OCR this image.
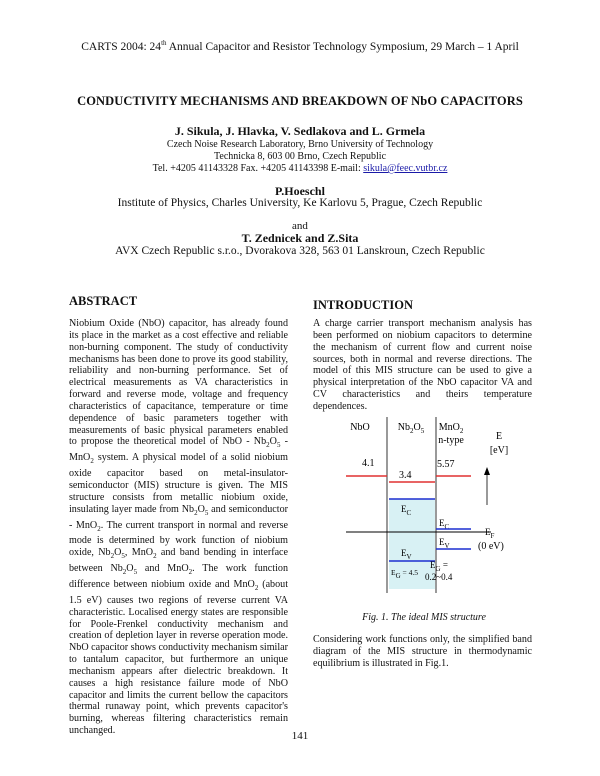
CARTS 2004: 24th Annual Capacitor and Resistor Technology Symposium, 29 March – 1 April
CONDUCTIVITY MECHANISMS AND BREAKDOWN OF NbO CAPACITORS
J. Sikula, J. Hlavka, V. Sedlakova and L. Grmela
Czech Noise Research Laboratory, Brno University of Technology
Technicka 8, 603 00 Brno, Czech Republic
Tel. +4205 41143328 Fax. +4205 41143398 E-mail: sikula@feec.vutbr.cz
P.Hoeschl
Institute of Physics, Charles University, Ke Karlovu 5, Prague, Czech Republic
and
T. Zednicek and Z.Sita
AVX Czech Republic s.r.o., Dvorakova 328, 563 01 Lanskroun, Czech Republic
ABSTRACT
Niobium Oxide (NbO) capacitor, has already found its place in the market as a cost effective and reliable non-burning component. The study of conductivity mechanisms has been done to prove its good stability, reliability and non-burning performance. Set of electrical measurements as VA characteristics in forward and reverse mode, voltage and frequency characteristics of capacitance, temperature or time dependence of basic parameters together with measurements of basic physical parameters enabled to propose the theoretical model of NbO - $Nb_2O_5 - MnO_2$ system. A physical model of a solid niobium oxide capacitor based on metal-insulator-semiconductor (MIS) structure is given. The MIS structure consists from metallic niobium oxide, insulating layer made from $Nb_2O_5$ and semiconductor - MnO$_2$. The current transport in normal and reverse mode is determined by work function of niobium oxide, $Nb_2O_5$, MnO$_2$ and band bending in interface between $Nb_2O_5$ and MnO$_2$. The work function difference between niobium oxide and MnO$_2$ (about 1.5 eV) causes two regions of reverse current VA characteristic. Localised energy states are responsible for Poole-Frenkel conductivity mechanism and creation of depletion layer in reverse operation mode. NbO capacitor shows conductivity mechanism similar to tantalum capacitor, but furthermore an unique mechanism appears after dielectric breakdown. It causes a high resistance failure mode of NbO capacitor and limits the current bellow the capacitors thermal runaway point, which prevents capacitor's burning, whereas filtering characteristics remain unchanged.
INTRODUCTION
A charge carrier transport mechanism analysis has been performed on niobium capacitors to determine the mechanism of current flow and current noise sources, both in normal and reverse directions. The model of this MIS structure can be used to give a physical interpretation of the NbO capacitor VA and CV characteristics and theirs temperature dependences.
NbO	$Nb_2O_5$ MnO$_2$
n-type	E
[eV]
4.1
3.4
$E_C$
$E_V$
EG = 4.5
5.57
$E_C$
$E_V$
$E_G$ =
0.2~0.4
$E_F$
(0 eV)
Fig. 1. The ideal MIS structure
Considering work functions only, the simplified band diagram of the MIS structure in thermodynamic equilibrium is illustrated in Fig.1.
141
